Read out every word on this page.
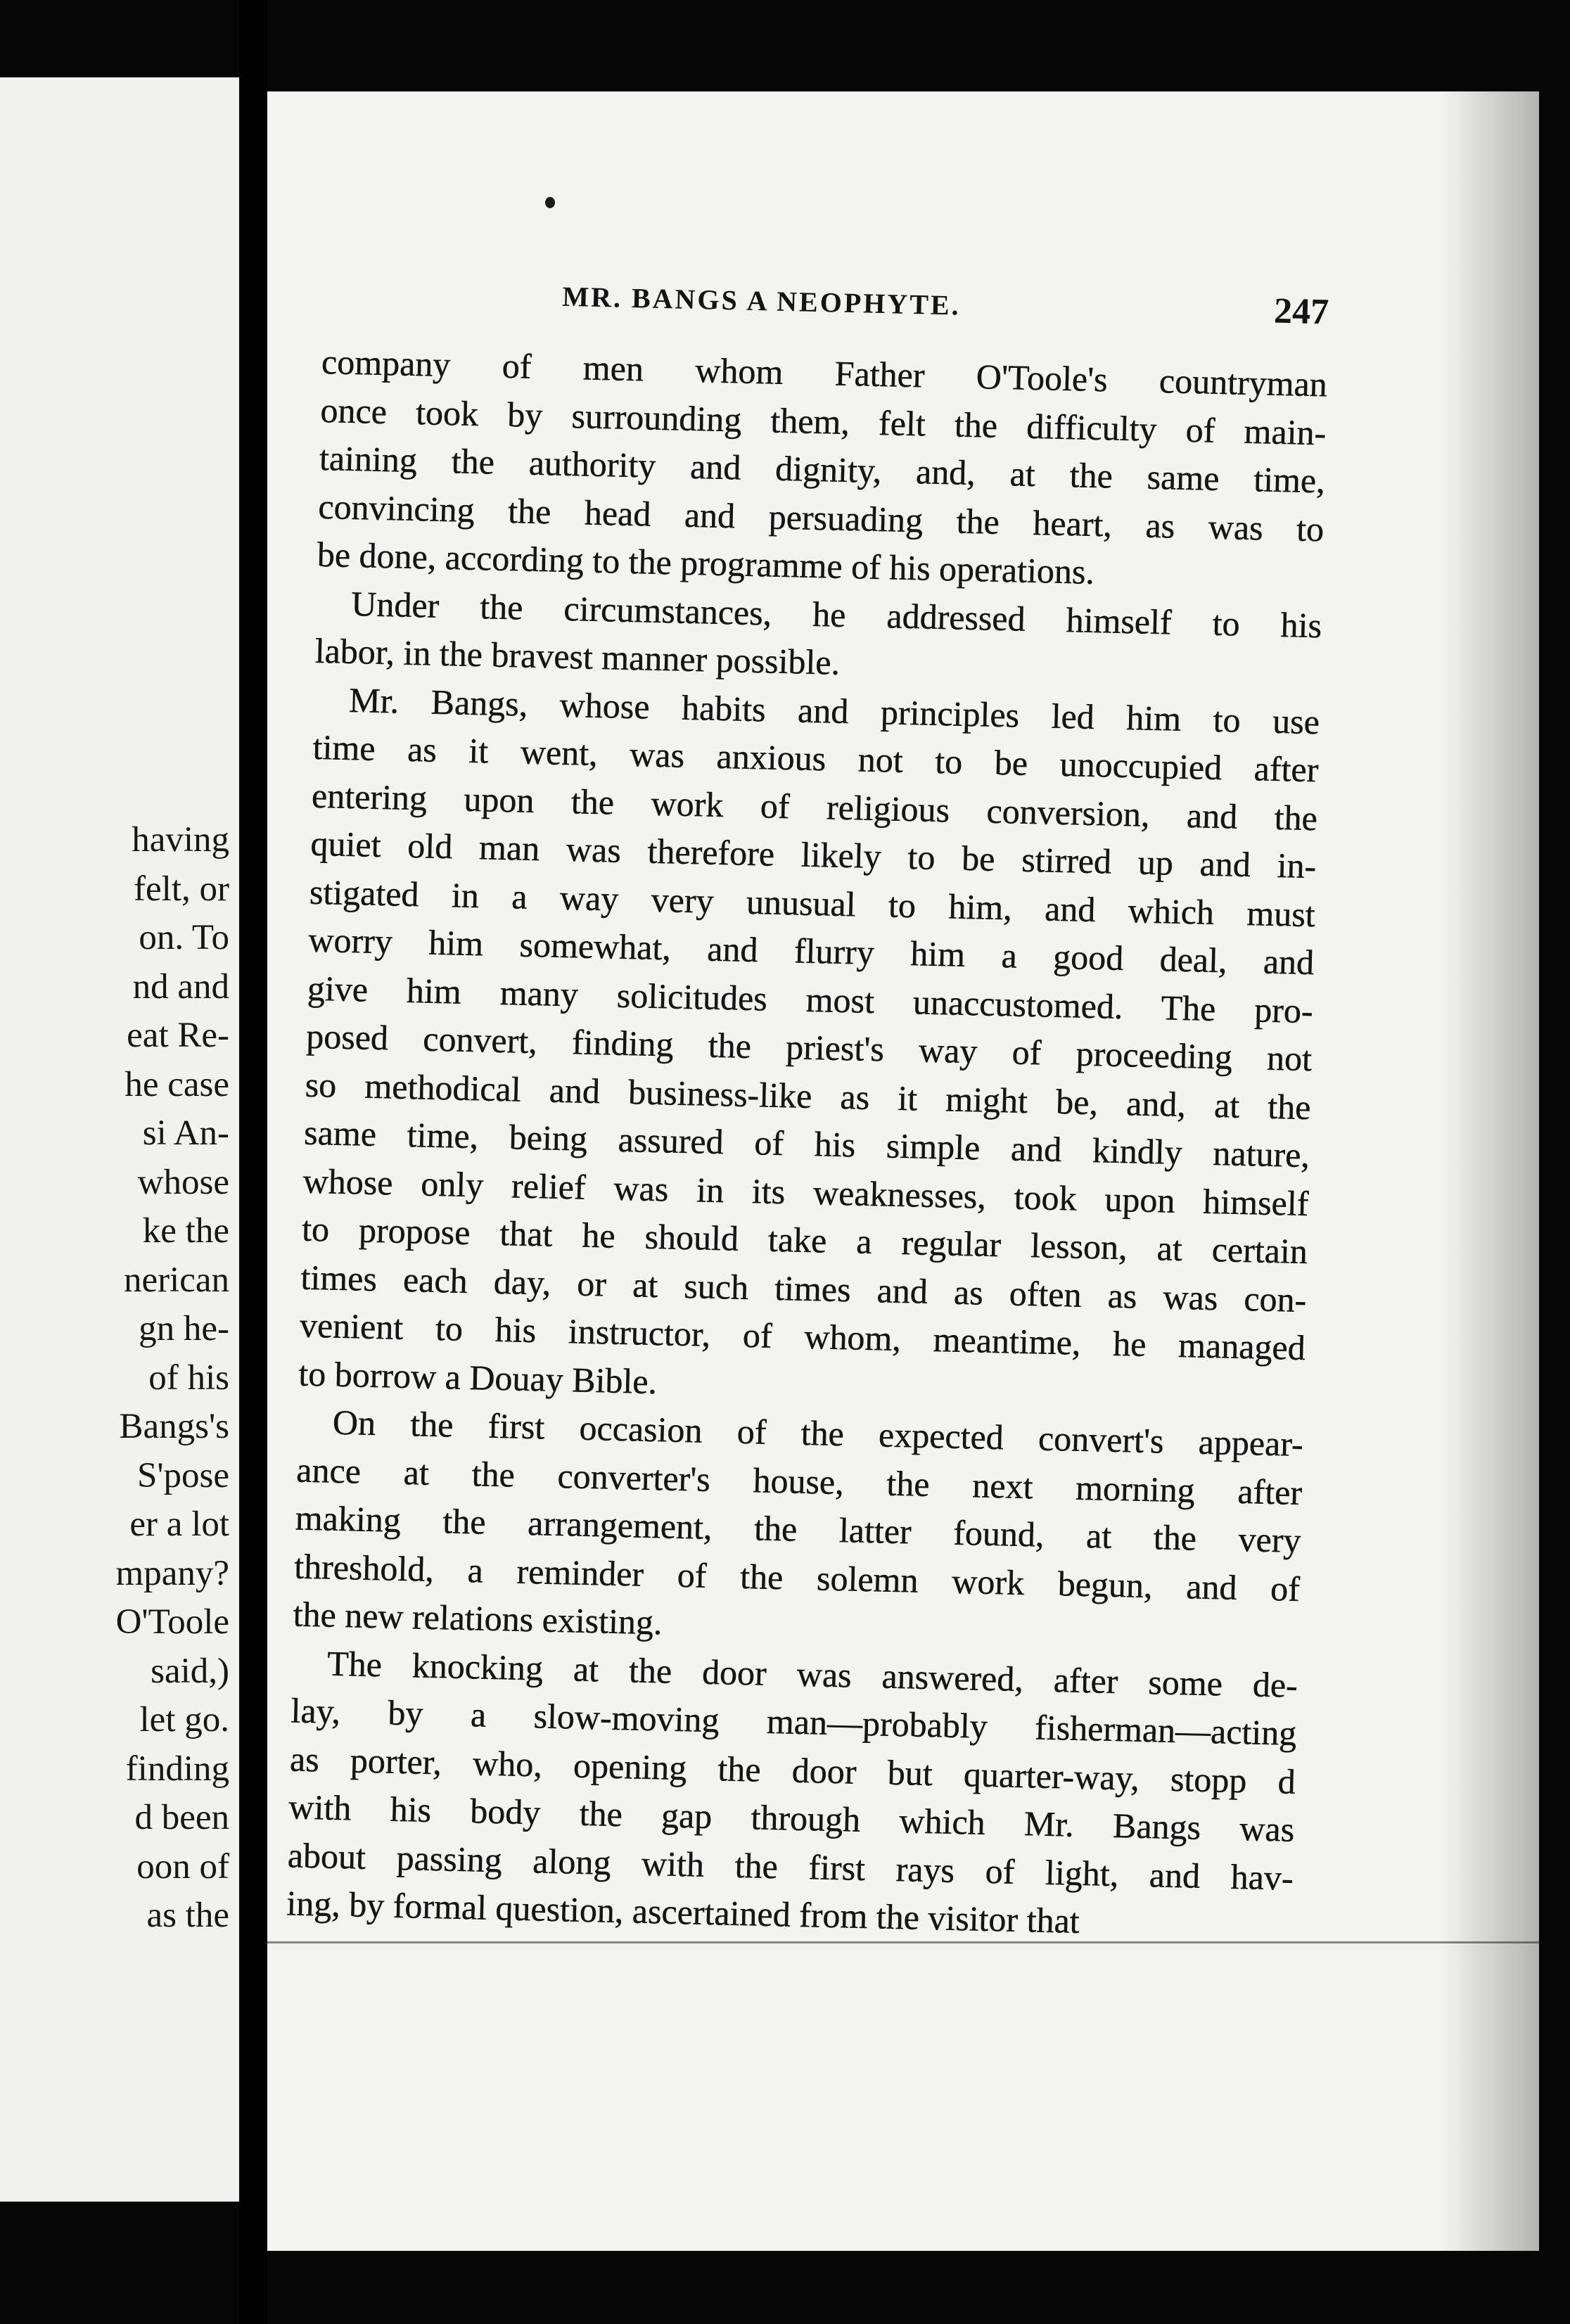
having
felt, or
on. To
nd and
eat Re-
he case
si An-
whose
ke the
nerican
gn he-
of his
Bangs's
S'pose
er a lot
mpany?
O'Toole
said,)
let go.
finding
d been
oon of
as the
MR. BANGS A NEOPHYTE.	247

company of men whom Father O'Toole's countryman
once took by surrounding them, felt the difficulty of main-
taining the authority and dignity, and, at the same time,
convincing the head and persuading the heart, as was to
be done, according to the programme of his operations.

Under the circumstances, he addressed himself to his
labor, in the bravest manner possible.

Mr. Bangs, whose habits and principles led him to use
time as it went, was anxious not to be unoccupied after
entering upon the work of religious conversion, and the
quiet old man was therefore likely to be stirred up and in-
stigated in a way very unusual to him, and which must
worry him somewhat, and flurry him a good deal, and
give him many solicitudes most unaccustomed. The pro-
posed convert, finding the priest's way of proceeding not
so methodical and business-like as it might be, and, at the
same time, being assured of his simple and kindly nature,
whose only relief was in its weaknesses, took upon himself
to propose that he should take a regular lesson, at certain
times each day, or at such times and as often as was con-
venient to his instructor, of whom, meantime, he managed
to borrow a Douay Bible.

On the first occasion of the expected convert's appear-
ance at the converter's house, the next morning after
making the arrangement, the latter found, at the very
threshold, a reminder of the solemn work begun, and of
the new relations existing.

The knocking at the door was answered, after some de-
lay, by a slow-moving man—probably fisherman—acting
as porter, who, opening the door but quarter-way, stopp d
with his body the gap through which Mr. Bangs was
about passing along with the first rays of light, and hav-
ing, by formal question, ascertained from the visitor that
